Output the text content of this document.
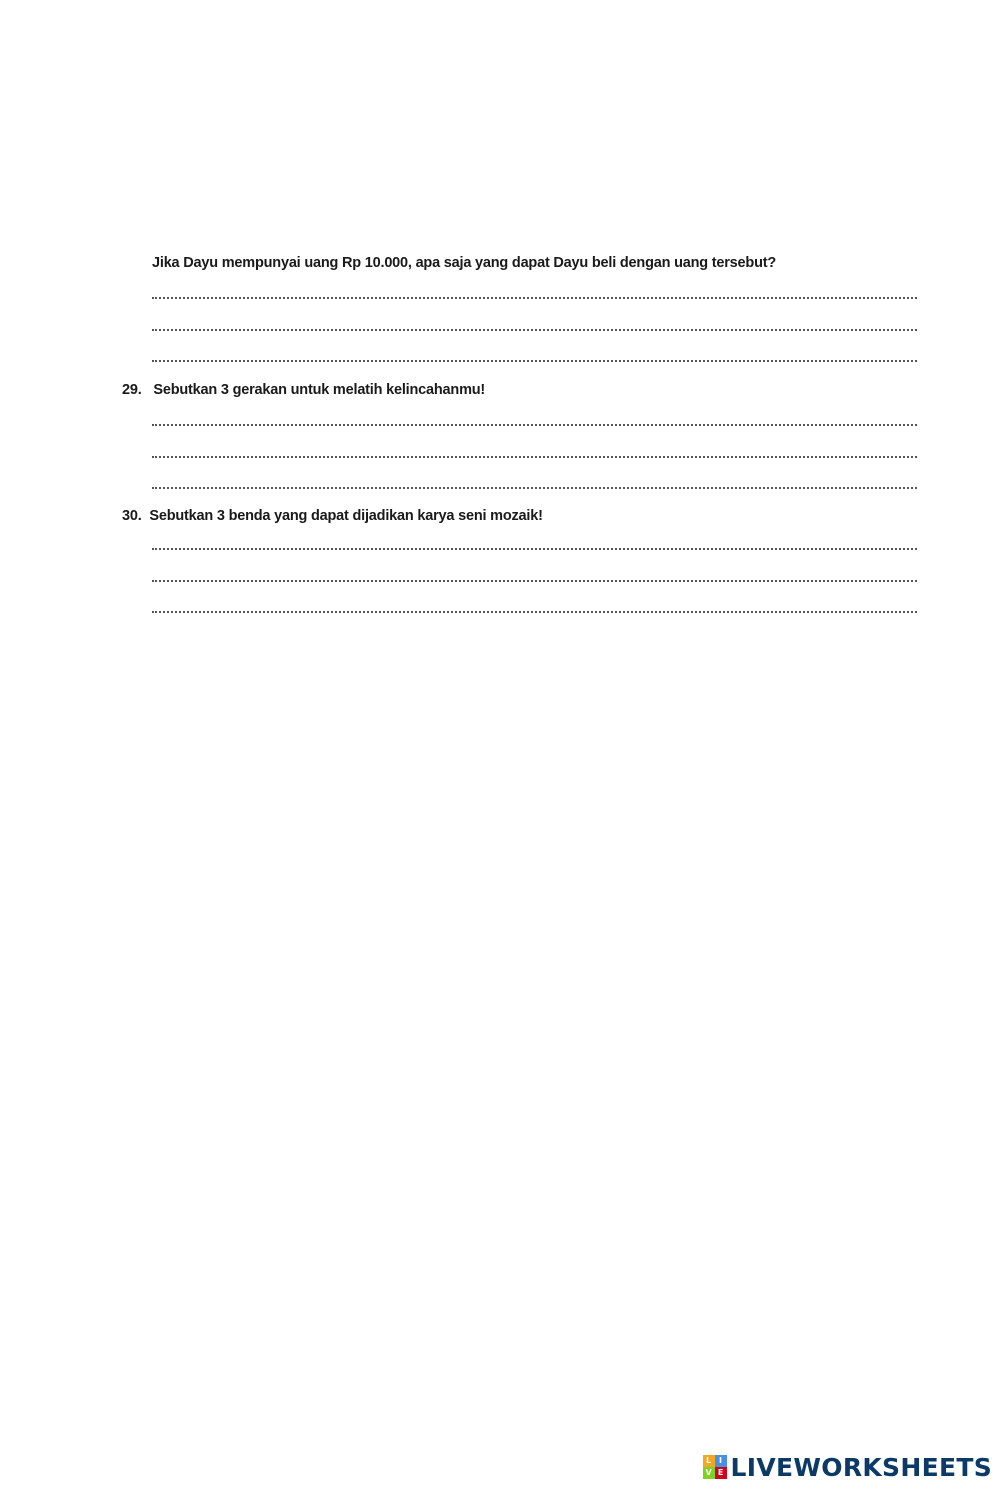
Jika Dayu mempunyai uang Rp 10.000, apa saja yang dapat Dayu beli dengan uang tersebut?
29. Sebutkan 3 gerakan untuk melatih kelincahanmu!
30. Sebutkan 3 benda yang dapat dijadikan karya seni mozaik!
L I
V E LIVEWORKSHEETS
